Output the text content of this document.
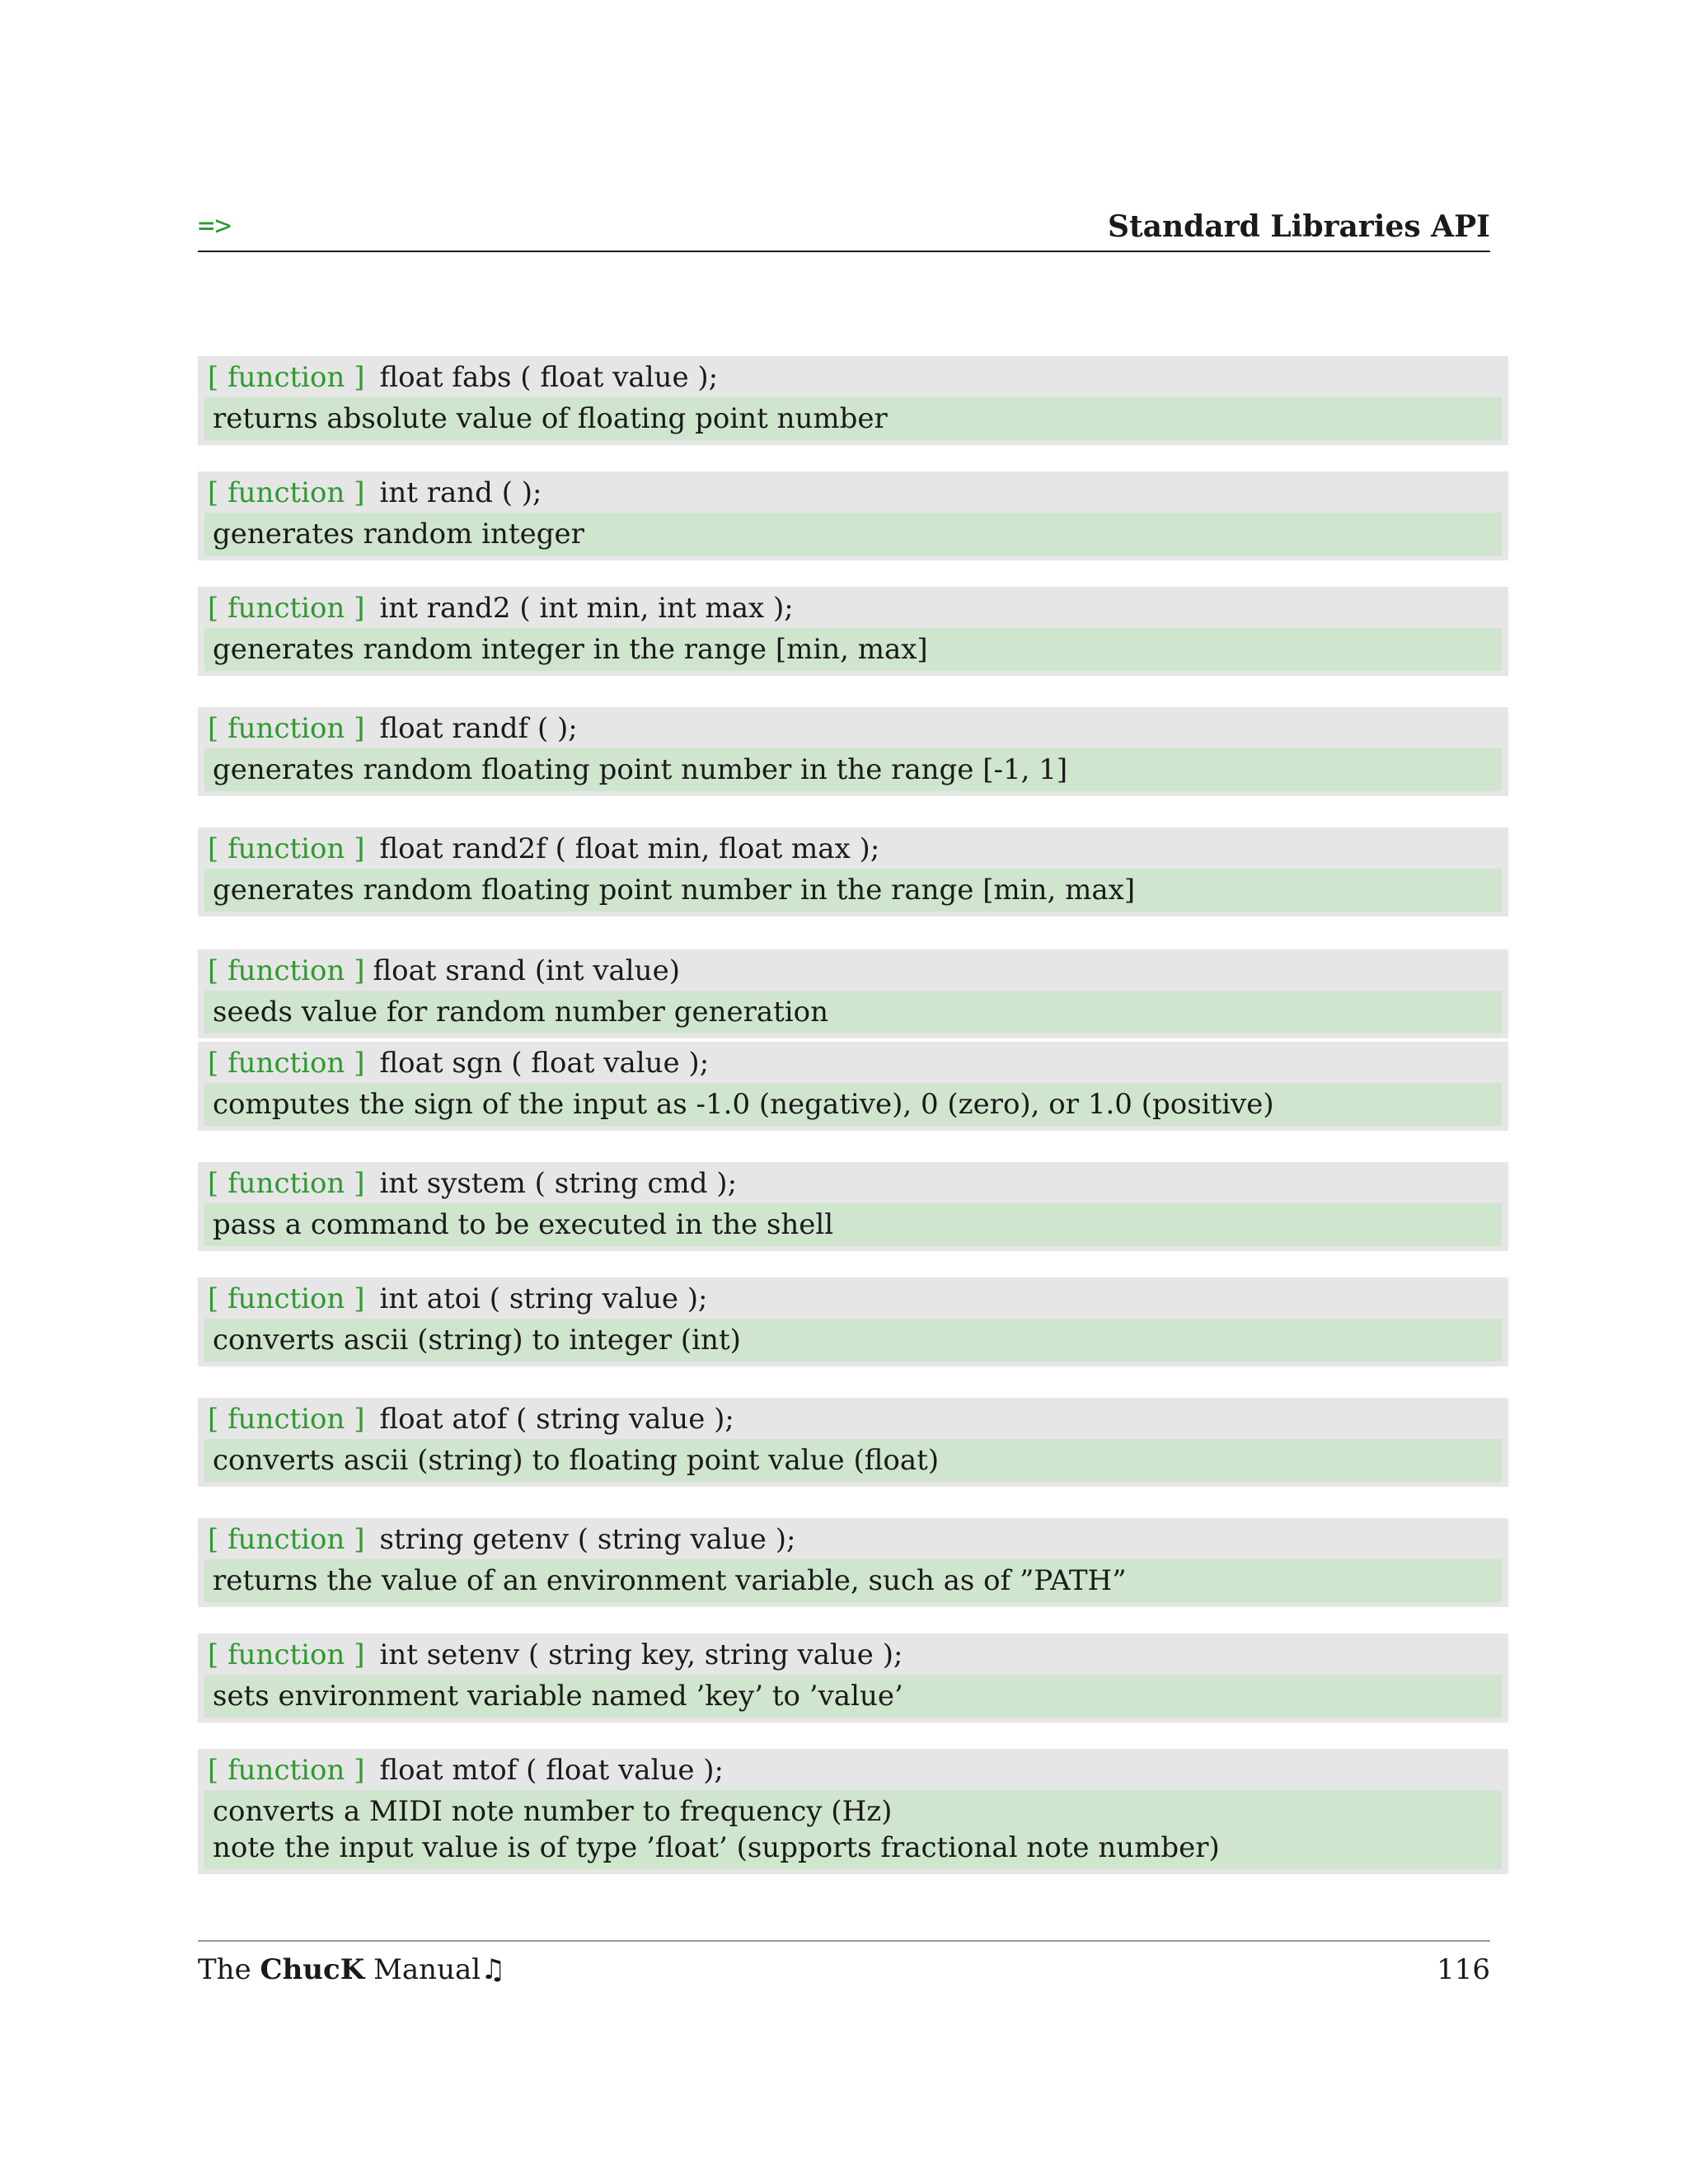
=>	Standard Libraries API
[ function ] float fabs ( float value );
returns absolute value of floating point number
[ function ] int rand ( );
generates random integer
[ function ] int rand2 ( int min, int max );
generates random integer in the range [min, max]
[ function ] float randf ( );
generates random floating point number in the range [-1, 1]
[ function ] float rand2f ( float min, float max );
generates random floating point number in the range [min, max]
[ function ] float srand (int value)
seeds value for random number generation
[ function ] float sgn ( float value );
computes the sign of the input as -1.0 (negative), 0 (zero), or 1.0 (positive)
[ function ] int system ( string cmd );
pass a command to be executed in the shell
[ function ] int atoi ( string value );
converts ascii (string) to integer (int)
[ function ] float atof ( string value );
converts ascii (string) to floating point value (float)
[ function ] string getenv ( string value );
returns the value of an environment variable, such as of ”PATH”
[ function ] int setenv ( string key, string value );
sets environment variable named ’key’ to ’value’
[ function ] float mtof ( float value );
converts a MIDI note number to frequency (Hz)
note the input value is of type ’float’ (supports fractional note number)
The ChucK Manual♫	116
